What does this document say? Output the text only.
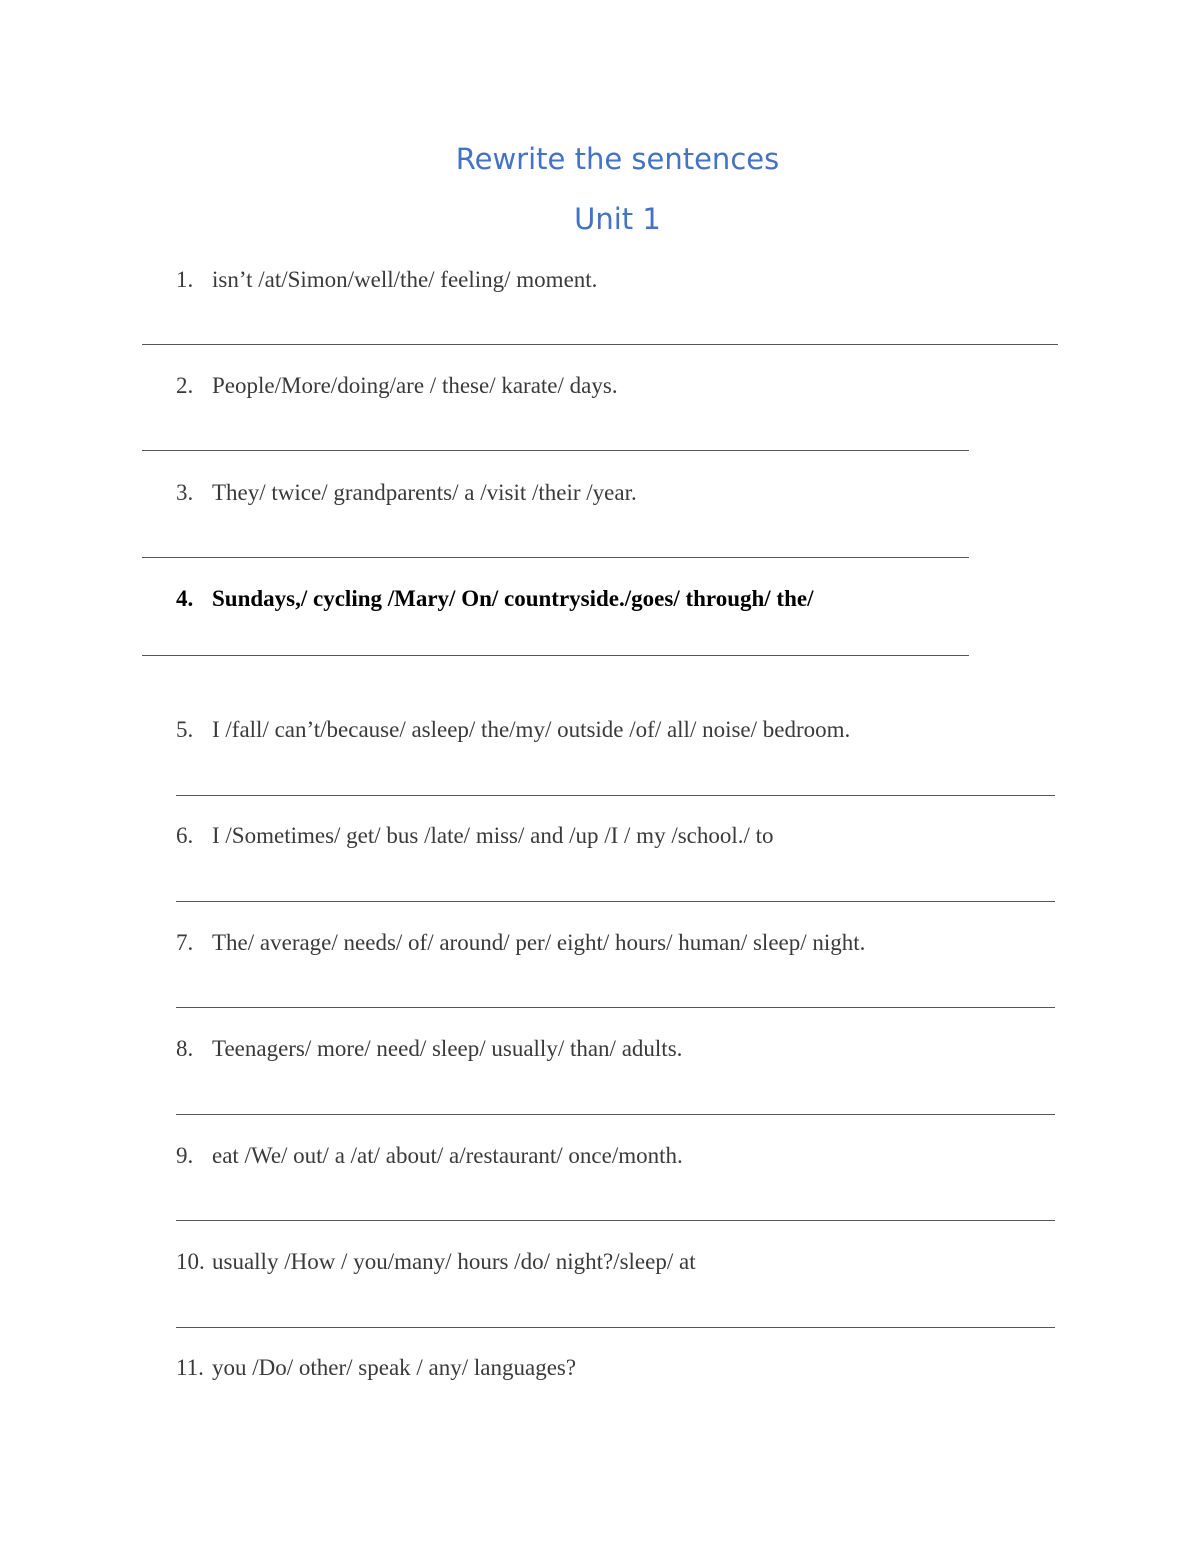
Rewrite the sentences
Unit 1
1. isn’t /at/Simon/well/the/ feeling/ moment.
2. People/More/doing/are / these/ karate/ days.
3. They/ twice/ grandparents/ a /visit /their /year.
4. Sundays,/ cycling /Mary/ On/ countryside./goes/ through/ the/
5. I /fall/ can’t/because/ asleep/ the/my/ outside /of/ all/ noise/ bedroom.
6. I /Sometimes/ get/ bus /late/ miss/ and /up /I / my /school./ to
7. The/ average/ needs/ of/ around/ per/ eight/ hours/ human/ sleep/ night.
8. Teenagers/ more/ need/ sleep/ usually/ than/ adults.
9. eat /We/ out/ a /at/ about/ a/restaurant/ once/month.
10. usually /How / you/many/ hours /do/ night?/sleep/ at
11. you /Do/ other/ speak / any/ languages?
